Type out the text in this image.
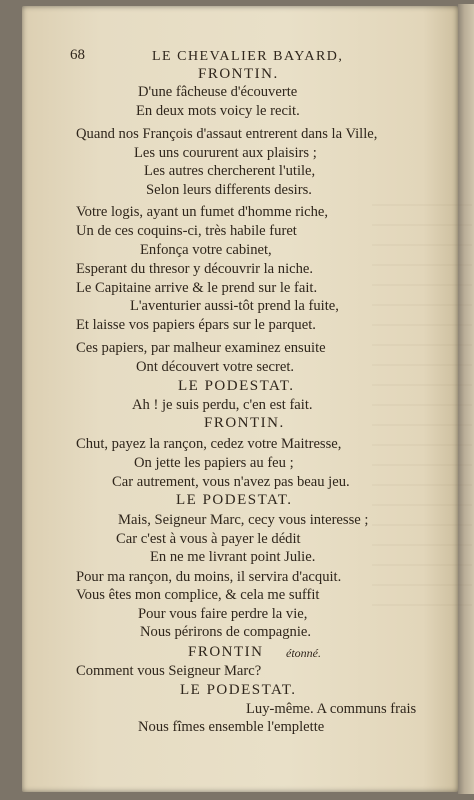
68	LE CHEVALIER BAYARD,
FRONTIN.
D'une fâcheuse d'écouverte
En deux mots voicy le recit.
Quand nos François d'assaut entrerent dans la Ville,
Les uns coururent aux plaisirs ;
Les autres chercherent l'utile,
Selon leurs differents desirs.
Votre logis, ayant un fumet d'homme riche,
Un de ces coquins-ci, très habile furet
Enfonça votre cabinet,
Esperant du thresor y découvrir la niche.
Le Capitaine arrive & le prend sur le fait.
L'aventurier aussi-tôt prend la fuite,
Et laisse vos papiers épars sur le parquet.
Ces papiers, par malheur examinez ensuite
Ont découvert votre secret.
LE PODESTAT.
Ah ! je suis perdu, c'en est fait.
FRONTIN.
Chut, payez la rançon, cedez votre Maitresse,
On jette les papiers au feu ;
Car autrement, vous n'avez pas beau jeu.
LE PODESTAT.
Mais, Seigneur Marc, cecy vous interesse ;
Car c'est à vous à payer le dédit
En ne me livrant point Julie.
Pour ma rançon, du moins, il servira d'acquit.
Vous êtes mon complice, & cela me suffit
Pour vous faire perdre la vie,
Nous périrons de compagnie.
FRONTIN étonné.
Comment vous Seigneur Marc?
LE PODESTAT.
Luy-même. A communs frais
Nous fîmes ensemble l'emplette
